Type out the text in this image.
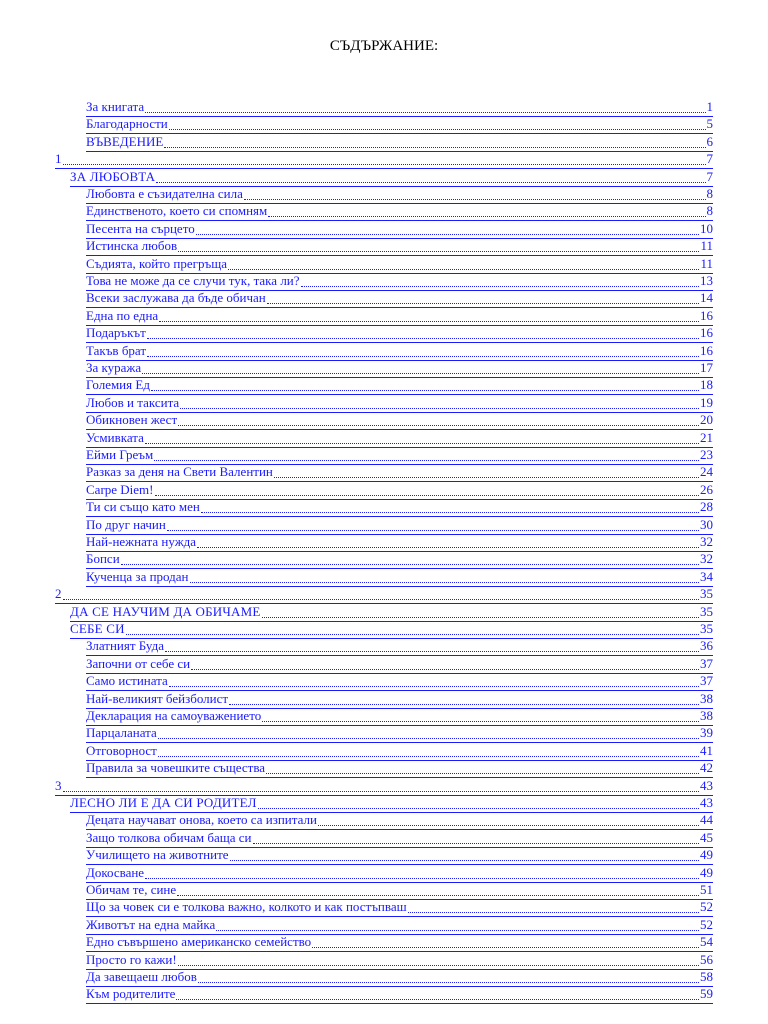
СЪДЪРЖАНИЕ:
За книгата	1
Благодарности	5
ВЪВЕДЕНИЕ	6
1	7
ЗА ЛЮБОВТА	7
Любовта е съзидателна сила	8
Единственото, което си спомням	8
Песента на сърцето	10
Истинска любов	11
Съдията, който прегръща	11
Това не може да се случи тук, така ли?	13
Всеки заслужава да бъде обичан	14
Една по една	16
Подаръкът	16
Такъв брат	16
За куража	17
Големия Ед	18
Любов и таксита	19
Обикновен жест	20
Усмивката	21
Ейми Греъм	23
Разказ за деня на Свети Валентин	24
Carpe Diem!	26
Ти си също като мен	28
По друг начин	30
Най-нежната нужда	32
Бопси	32
Кученца за продан	34
2	35
ДА СЕ НАУЧИМ ДА ОБИЧАМЕ	35
СЕБЕ СИ	35
Златният Буда	36
Започни от себе си	37
Само истината	37
Най-великият бейзболист	38
Декларация на самоуважението	38
Парцаланата	39
Отговорност	41
Правила за човешките същества	42
3	43
ЛЕСНО ЛИ Е ДА СИ РОДИТЕЛ	43
Децата научават онова, което са изпитали	44
Защо толкова обичам баща си	45
Училището на животните	49
Докосване	49
Обичам те, сине	51
Що за човек си е толкова важно, колкото и как постъпваш	52
Животът на една майка	52
Едно съвършено американско семейство	54
Просто го кажи!	56
Да завещаеш любов	58
Към родителите	59
